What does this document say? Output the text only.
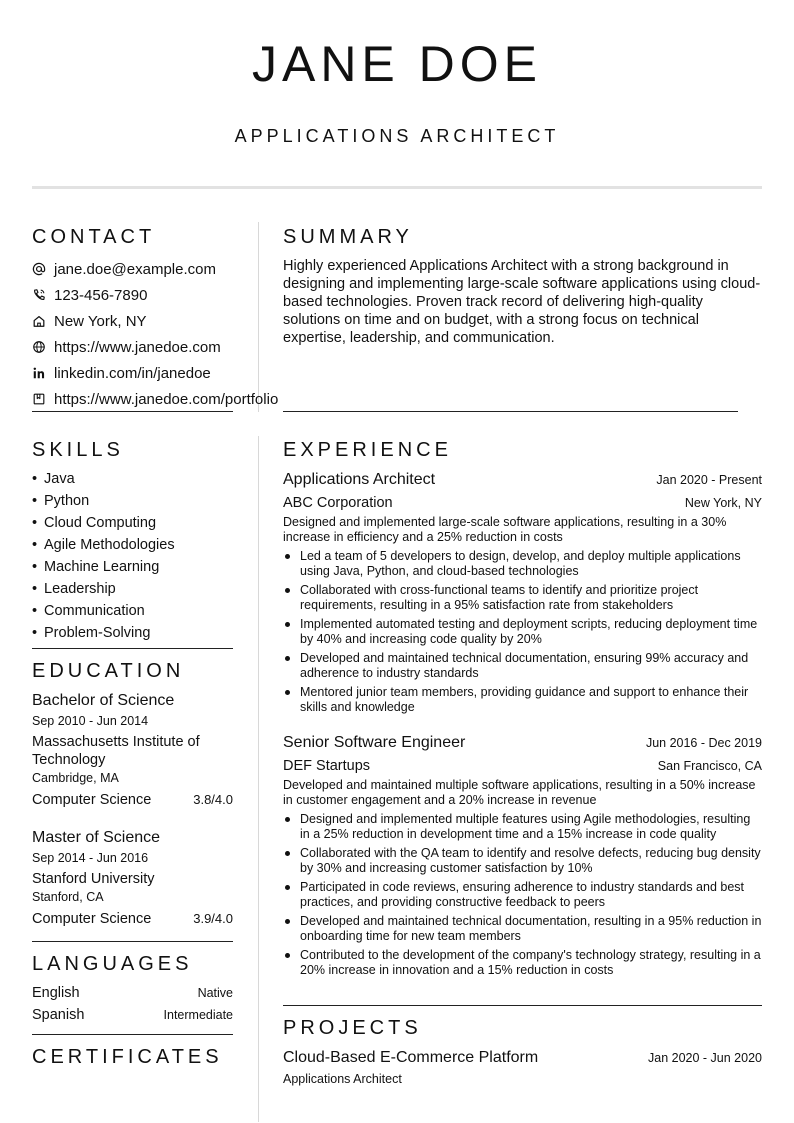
JANE DOE
APPLICATIONS ARCHITECT
CONTACT
jane.doe@example.com
123-456-7890
New York, NY
https://www.janedoe.com
linkedin.com/in/janedoe
https://www.janedoe.com/portfolio
SUMMARY

Highly experienced Applications Architect with a strong background in designing and implementing large-scale software applications using cloud-based technologies. Proven track record of delivering high-quality solutions on time and on budget, with a strong focus on technical expertise, leadership, and communication.

SKILLS
• Java
• Python
• Cloud Computing
• Agile Methodologies
• Machine Learning
• Leadership
• Communication
• Problem-Solving
EDUCATION
Bachelor of Science
Sep 2010 - Jun 2014
Massachusetts Institute of Technology
Cambridge, MA
Computer Science	3.8/4.0
Master of Science
Sep 2014 - Jun 2016
Stanford University
Stanford, CA
Computer Science	3.9/4.0
LANGUAGES
English	Native
Spanish	Intermediate
CERTIFICATES
EXPERIENCE
Applications Architect	Jan 2020 - Present
ABC Corporation	New York, NY
Designed and implemented large-scale software applications, resulting in a 30% increase in efficiency and a 25% reduction in costs
Led a team of 5 developers to design, develop, and deploy multiple applications using Java, Python, and cloud-based technologies
Collaborated with cross-functional teams to identify and prioritize project requirements, resulting in a 95% satisfaction rate from stakeholders
Implemented automated testing and deployment scripts, reducing deployment time by 40% and increasing code quality by 20%
Developed and maintained technical documentation, ensuring 99% accuracy and adherence to industry standards
Mentored junior team members, providing guidance and support to enhance their skills and knowledge
Senior Software Engineer	Jun 2016 - Dec 2019
DEF Startups	San Francisco, CA
Developed and maintained multiple software applications, resulting in a 50% increase in customer engagement and a 20% increase in revenue
Designed and implemented multiple features using Agile methodologies, resulting in a 25% reduction in development time and a 15% increase in code quality
Collaborated with the QA team to identify and resolve defects, reducing bug density by 30% and increasing customer satisfaction by 10%
Participated in code reviews, ensuring adherence to industry standards and best practices, and providing constructive feedback to peers
Developed and maintained technical documentation, resulting in a 95% reduction in onboarding time for new team members
Contributed to the development of the company's technology strategy, resulting in a 20% increase in innovation and a 15% reduction in costs
PROJECTS
Cloud-Based E-Commerce Platform	Jan 2020 - Jun 2020
Applications Architect
